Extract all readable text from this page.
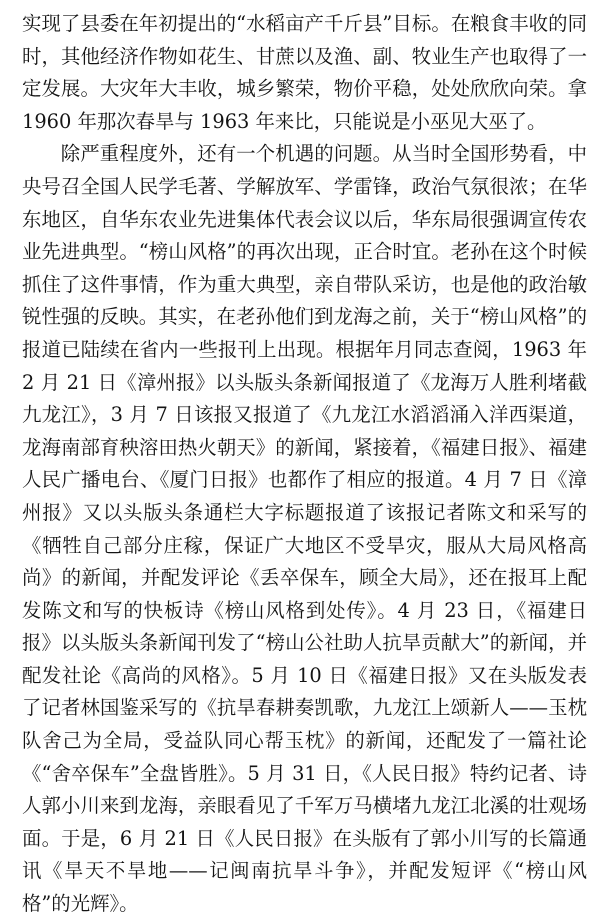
实现了县委在年初提出的“水稻亩产千斤县”目标。在粮食丰收的同时，其他经济作物如花生、甘蔗以及渔、副、牧业生产也取得了一定发展。大灾年大丰收，城乡繁荣，物价平稳，处处欣欣向荣。拿 1960 年那次春旱与 1963 年来比，只能说是小巫见大巫了。

除严重程度外，还有一个机遇的问题。从当时全国形势看，中央号召全国人民学毛著、学解放军、学雷锋，政治气氛很浓；在华东地区，自华东农业先进集体代表会议以后，华东局很强调宣传农业先进典型。“榜山风格”的再次出现，正合时宜。老孙在这个时候抓住了这件事情，作为重大典型，亲自带队采访，也是他的政治敏锐性强的反映。其实，在老孙他们到龙海之前，关于“榜山风格”的报道已陆续在省内一些报刊上出现。根据年月同志查阅，1963 年 2 月 21 日《漳州报》以头版头条新闻报道了《龙海万人胜利堵截九龙江》，3 月 7 日该报又报道了《九龙江水滔滔涌入洋西渠道，龙海南部育秧溶田热火朝天》的新闻，紧接着，《福建日报》、福建人民广播电台、《厦门日报》也都作了相应的报道。4 月 7 日《漳州报》又以头版头条通栏大字标题报道了该报记者陈文和采写的《牺牲自己部分庄稼，保证广大地区不受旱灾，服从大局风格高尚》的新闻，并配发评论《丢卒保车，顾全大局》，还在报耳上配发陈文和写的快板诗《榜山风格到处传》。4 月 23 日，《福建日报》以头版头条新闻刊发了“榜山公社助人抗旱贡献大”的新闻，并配发社论《高尚的风格》。5 月 10 日《福建日报》又在头版发表了记者林国鉴采写的《抗旱春耕奏凯歌，九龙江上颂新人——玉枕队舍己为全局，受益队同心帮玉枕》的新闻，还配发了一篇社论《“舍卒保车”全盘皆胜》。5 月 31 日，《人民日报》特约记者、诗人郭小川来到龙海，亲眼看见了千军万马横堵九龙江北溪的壮观场面。于是，6 月 21 日《人民日报》在头版有了郭小川写的长篇通讯《旱天不旱地——记闽南抗旱斗争》，并配发短评《“榜山风格”的光辉》。
